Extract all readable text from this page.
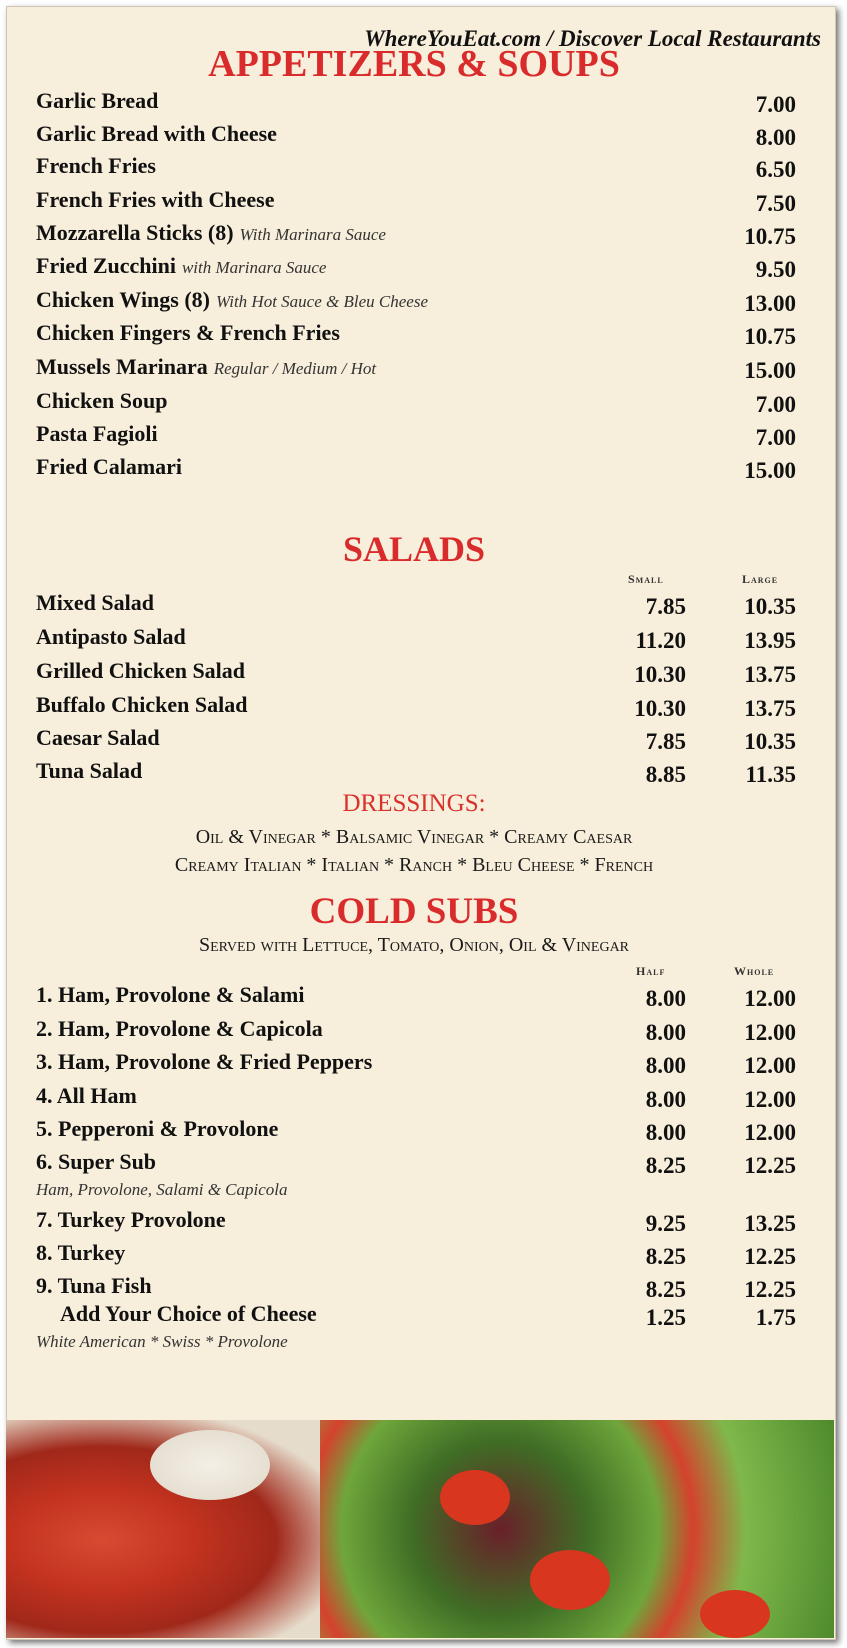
WhereYouEat.com / Discover Local Restaurants
APPETIZERS & SOUPS
Garlic Bread	7.00
Garlic Bread with Cheese	8.00
French Fries	6.50
French Fries with Cheese	7.50
Mozzarella Sticks (8) With Marinara Sauce	10.75
Fried Zucchini with Marinara Sauce	9.50
Chicken Wings (8) With Hot Sauce & Bleu Cheese	13.00
Chicken Fingers & French Fries	10.75
Mussels Marinara Regular / Medium / Hot	15.00
Chicken Soup	7.00
Pasta Fagioli	7.00
Fried Calamari	15.00
SALADS
Small	Large
Mixed Salad	7.85	10.35
Antipasto Salad	11.20	13.95
Grilled Chicken Salad	10.30	13.75
Buffalo Chicken Salad	10.30	13.75
Caesar Salad	7.85	10.35
Tuna Salad	8.85	11.35
DRESSINGS:
Oil & Vinegar * Balsamic Vinegar * Creamy Caesar
Creamy Italian * Italian * Ranch * Bleu Cheese * French
COLD SUBS
Served with Lettuce, Tomato, Onion, Oil & Vinegar
Half	Whole
1. Ham, Provolone & Salami	8.00	12.00
2. Ham, Provolone & Capicola	8.00	12.00
3. Ham, Provolone & Fried Peppers	8.00	12.00
4. All Ham	8.00	12.00
5. Pepperoni & Provolone	8.00	12.00
6. Super Sub	8.25	12.25
Ham, Provolone, Salami & Capicola
7. Turkey Provolone	9.25	13.25
8. Turkey	8.25	12.25
9. Tuna Fish	8.25	12.25
Add Your Choice of Cheese	1.25	1.75
White American * Swiss * Provolone
